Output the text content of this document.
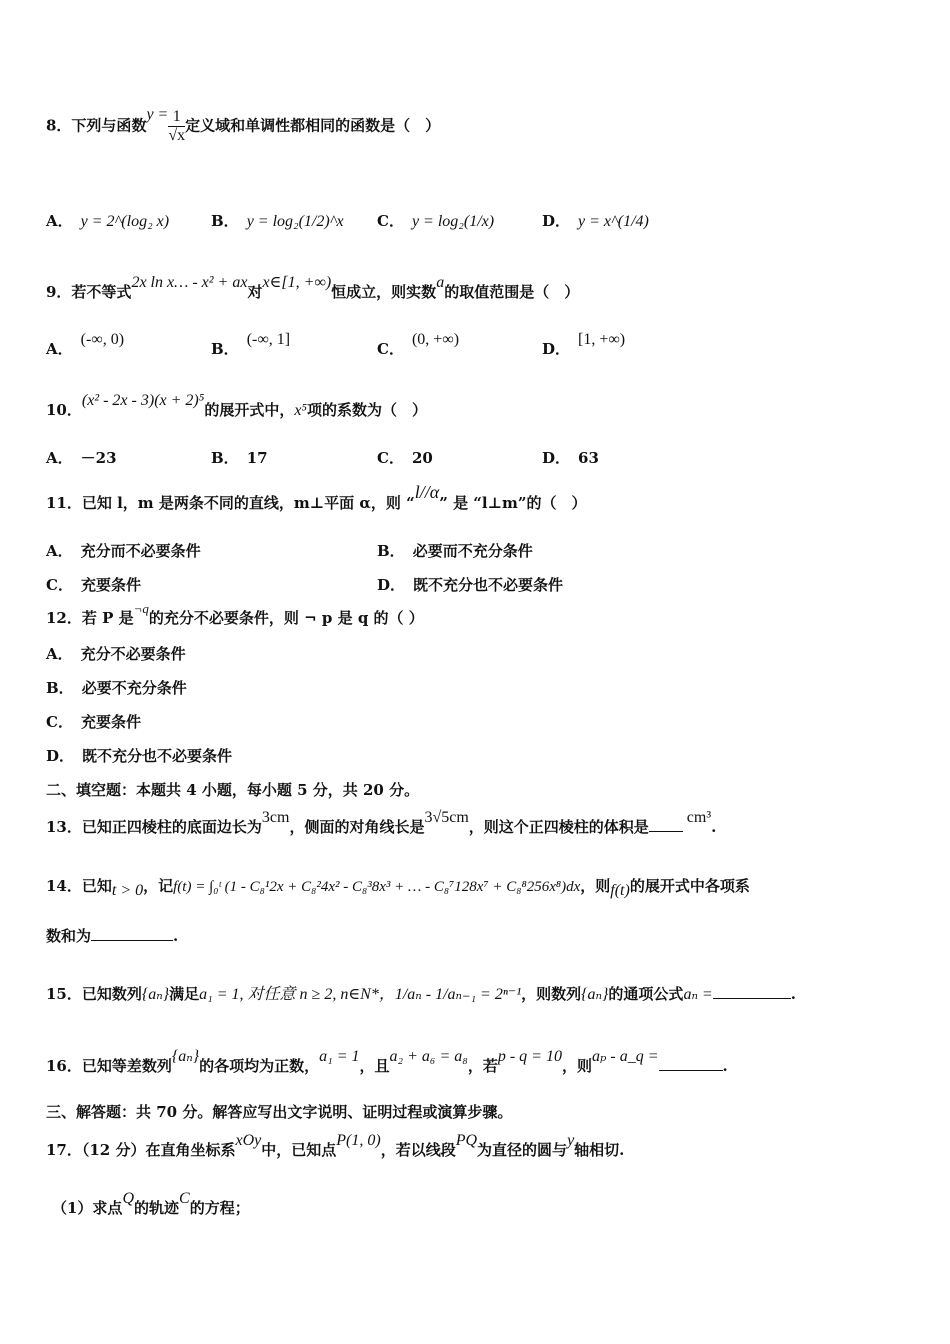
8．下列与函数$y = \frac{1}{√x}$ 定义域和单调性都相同的函数是（　）
A． y = 2^(log₂ x)	B． y = log₂(1/2)^x C． y = log₂(1/x)	D． y = x^(1/4)
9．若不等式2x ln x… - x² + ax对x∈[1, +∞)恒成立，则实数a的取值范围是（　）
A．(-∞, 0)
B．(-∞, 1]
C．(0, +∞)
D．[1, +∞)
10．(x² - 2x - 3)(x + 2)⁵的展开式中，x⁵项的系数为（　）
A． －23	B． 17	C． 20	D． 63
11．已知 l，m 是两条不同的直线，m⊥平面 α，则 “l//α” 是 “l⊥m”的（　）
A． 充分而不必要条件	B． 必要而不充分条件
C． 充要条件	D． 既不充分也不必要条件
12．若 P 是¬q的充分不必要条件，则 ¬ p 是 q 的（ ）
A． 充分不必要条件
B． 必要不充分条件
C． 充要条件
D． 既不充分也不必要条件
二、填空题：本题共 4 小题，每小题 5 分，共 20 分。
13．已知正四棱柱的底面边长为3cm，侧面的对角线长是3√5cm，则这个正四棱柱的体积是cm³.
14．已知t > 0，记f(t) = ∫₀ᵗ (1 - C₈¹2x + C₈²4x² - C₈³8x³ + … - C₈⁷128x⁷ + C₈⁸256x⁸)dx，则f(t)的展开式中各项系
数和为	.
15．已知数列{aₙ}满足a₁ = 1, 对任意 n ≥ 2, n∈N*，1/aₙ - 1/aₙ₋₁ = 2ⁿ⁻¹，则数列{aₙ}的通项公式aₙ =	.
16．已知等差数列{aₙ}的各项均为正数，a₁ = 1，且a₂ + a₆ = a₈，若p - q = 10，则aₚ - a_q =.
三、解答题：共 70 分。解答应写出文字说明、证明过程或演算步骤。
17．（12 分）在直角坐标系xOy中，已知点P(1, 0)，若以线段PQ为直径的圆与y轴相切.
（1）求点Q的轨迹C的方程；
